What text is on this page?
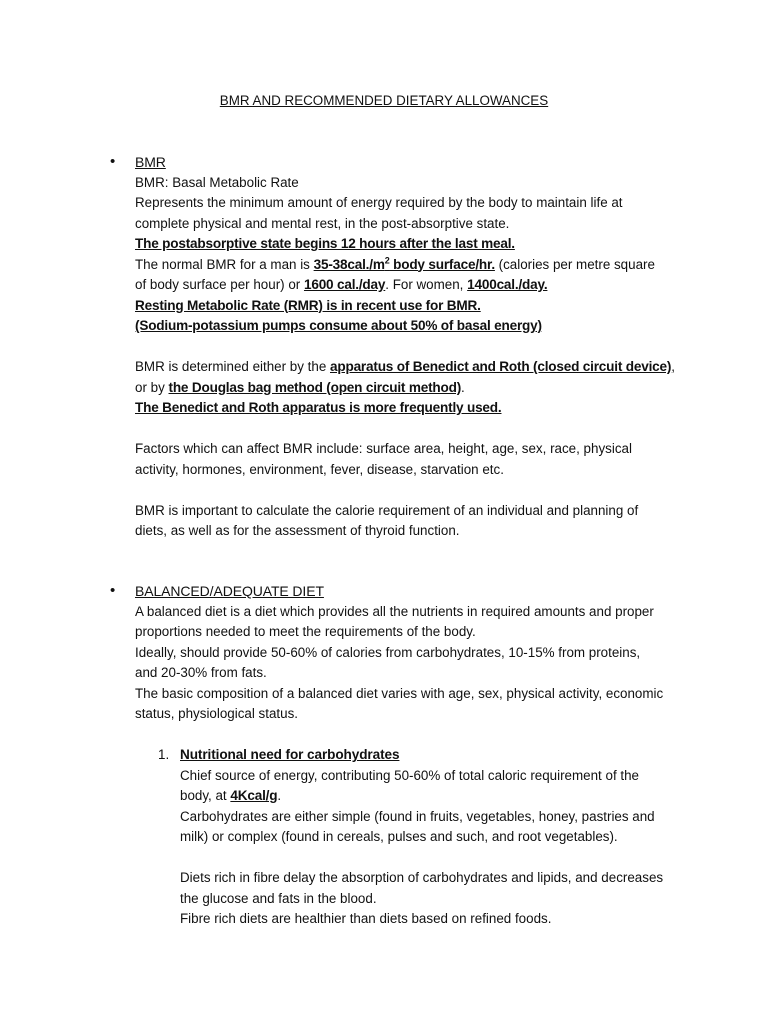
BMR AND RECOMMENDED DIETARY ALLOWANCES
• BMR
BMR: Basal Metabolic Rate
Represents the minimum amount of energy required by the body to maintain life at
complete physical and mental rest, in the post-absorptive state.
The postabsorptive state begins 12 hours after the last meal.
The normal BMR for a man is $35-38cal./m^2$ body surface/hr. (calories per metre square
of body surface per hour) or 1600 cal./day. For women, 1400cal./day.
Resting Metabolic Rate (RMR) is in recent use for BMR.
(Sodium-potassium pumps consume about 50% of basal energy)
BMR is determined either by the apparatus of Benedict and Roth (closed circuit device),
or by the Douglas bag method (open circuit method).
The Benedict and Roth apparatus is more frequently used.
Factors which can affect BMR include: surface area, height, age, sex, race, physical
activity, hormones, environment, fever, disease, starvation etc.
BMR is important to calculate the calorie requirement of an individual and planning of
diets, as well as for the assessment of thyroid function.
• BALANCED/ADEQUATE DIET
A balanced diet is a diet which provides all the nutrients in required amounts and proper
proportions needed to meet the requirements of the body.
Ideally, should provide 50-60% of calories from carbohydrates, 10-15% from proteins,
and 20-30% from fats.
The basic composition of a balanced diet varies with age, sex, physical activity, economic
status, physiological status.
1. Nutritional need for carbohydrates
Chief source of energy, contributing 50-60% of total caloric requirement of the
body, at 4Kcal/g.
Carbohydrates are either simple (found in fruits, vegetables, honey, pastries and
milk) or complex (found in cereals, pulses and such, and root vegetables).
Diets rich in fibre delay the absorption of carbohydrates and lipids, and decreases
the glucose and fats in the blood.
Fibre rich diets are healthier than diets based on refined foods.
